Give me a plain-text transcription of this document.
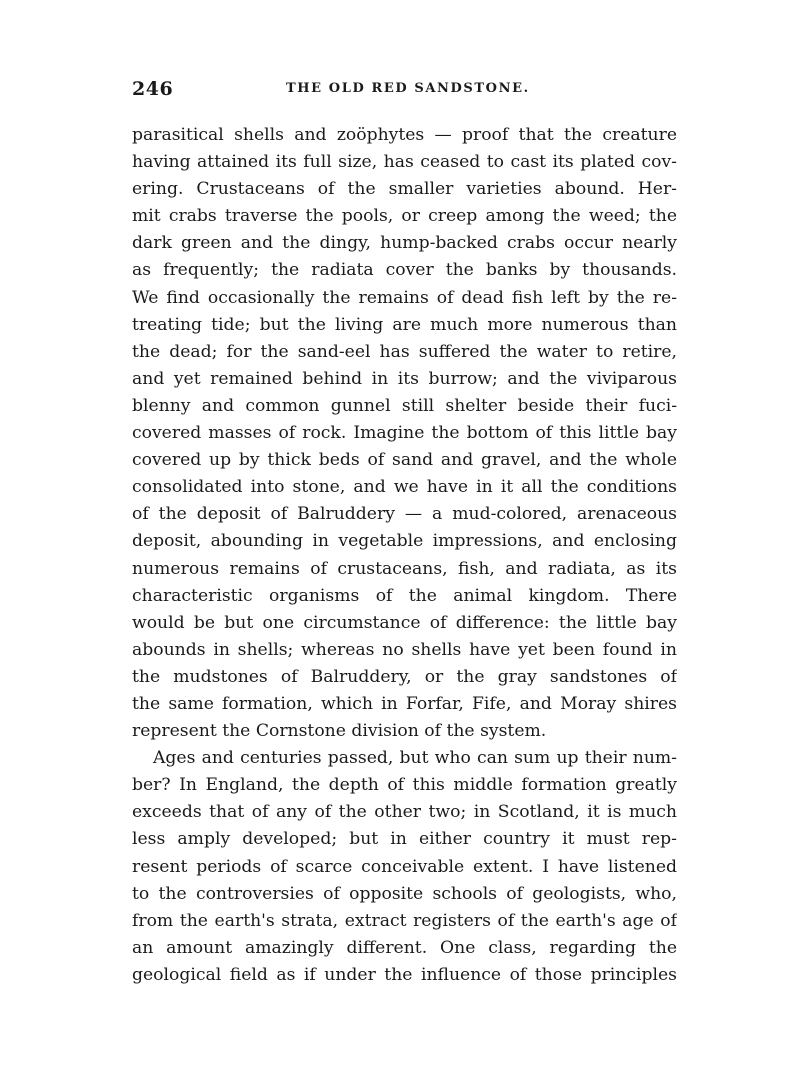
246	THE OLD RED SANDSTONE.
parasitical shells and zoöphytes — proof that the creature
having attained its full size, has ceased to cast its plated cov-
ering. Crustaceans of the smaller varieties abound. Her-
mit crabs traverse the pools, or creep among the weed; the
dark green and the dingy, hump-backed crabs occur nearly
as frequently; the radiata cover the banks by thousands.
We find occasionally the remains of dead fish left by the re-
treating tide; but the living are much more numerous than
the dead; for the sand-eel has suffered the water to retire,
and yet remained behind in its burrow; and the viviparous
blenny and common gunnel still shelter beside their fuci-
covered masses of rock. Imagine the bottom of this little bay
covered up by thick beds of sand and gravel, and the whole
consolidated into stone, and we have in it all the conditions
of the deposit of Balruddery — a mud-colored, arenaceous
deposit, abounding in vegetable impressions, and enclosing
numerous remains of crustaceans, fish, and radiata, as its
characteristic organisms of the animal kingdom. There
would be but one circumstance of difference: the little bay
abounds in shells; whereas no shells have yet been found in
the mudstones of Balruddery, or the gray sandstones of
the same formation, which in Forfar, Fife, and Moray shires
represent the Cornstone division of the system.
Ages and centuries passed, but who can sum up their num-
ber? In England, the depth of this middle formation greatly
exceeds that of any of the other two; in Scotland, it is much
less amply developed; but in either country it must rep-
resent periods of scarce conceivable extent. I have listened
to the controversies of opposite schools of geologists, who,
from the earth's strata, extract registers of the earth's age of
an amount amazingly different. One class, regarding the
geological field as if under the influence of those principles
